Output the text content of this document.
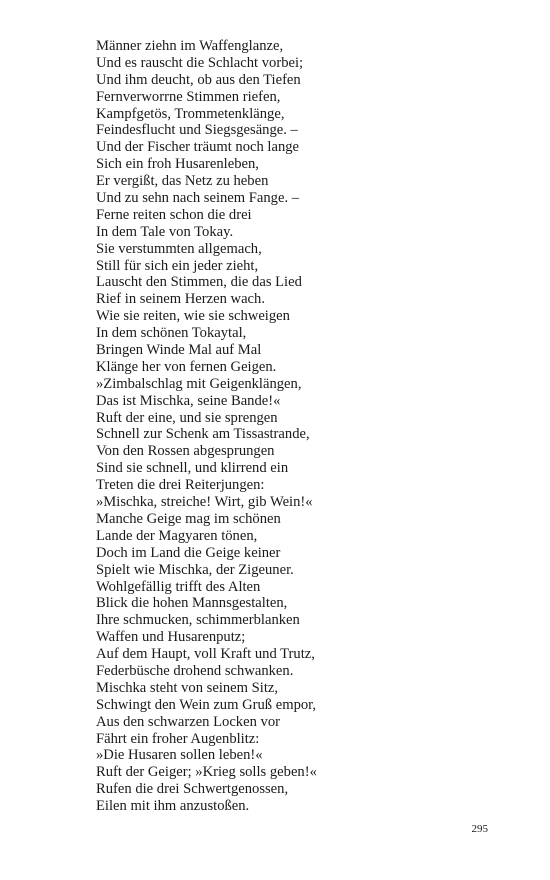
Männer ziehn im Waffenglanze,
Und es rauscht die Schlacht vorbei;
Und ihm deucht, ob aus den Tiefen
Fernverworrne Stimmen riefen,
Kampfgetös, Trommetenklänge,
Feindesflucht und Siegsgesänge. –
Und der Fischer träumt noch lange
Sich ein froh Husarenleben,
Er vergißt, das Netz zu heben
Und zu sehn nach seinem Fange. –
Ferne reiten schon die drei
In dem Tale von Tokay.
Sie verstummten allgemach,
Still für sich ein jeder zieht,
Lauscht den Stimmen, die das Lied
Rief in seinem Herzen wach.
Wie sie reiten, wie sie schweigen
In dem schönen Tokaytal,
Bringen Winde Mal auf Mal
Klänge her von fernen Geigen.
»Zimbalschlag mit Geigenklängen,
Das ist Mischka, seine Bande!«
Ruft der eine, und sie sprengen
Schnell zur Schenk am Tissastrande,
Von den Rossen abgesprungen
Sind sie schnell, und klirrend ein
Treten die drei Reiterjungen:
»Mischka, streiche! Wirt, gib Wein!«
Manche Geige mag im schönen
Lande der Magyaren tönen,
Doch im Land die Geige keiner
Spielt wie Mischka, der Zigeuner.
Wohlgefällig trifft des Alten
Blick die hohen Mannsgestalten,
Ihre schmucken, schimmerblanken
Waffen und Husarenputz;
Auf dem Haupt, voll Kraft und Trutz,
Federbüsche drohend schwanken.
Mischka steht von seinem Sitz,
Schwingt den Wein zum Gruß empor,
Aus den schwarzen Locken vor
Fährt ein froher Augenblitz:
»Die Husaren sollen leben!«
Ruft der Geiger; »Krieg solls geben!«
Rufen die drei Schwertgenossen,
Eilen mit ihm anzustoßen.
295
